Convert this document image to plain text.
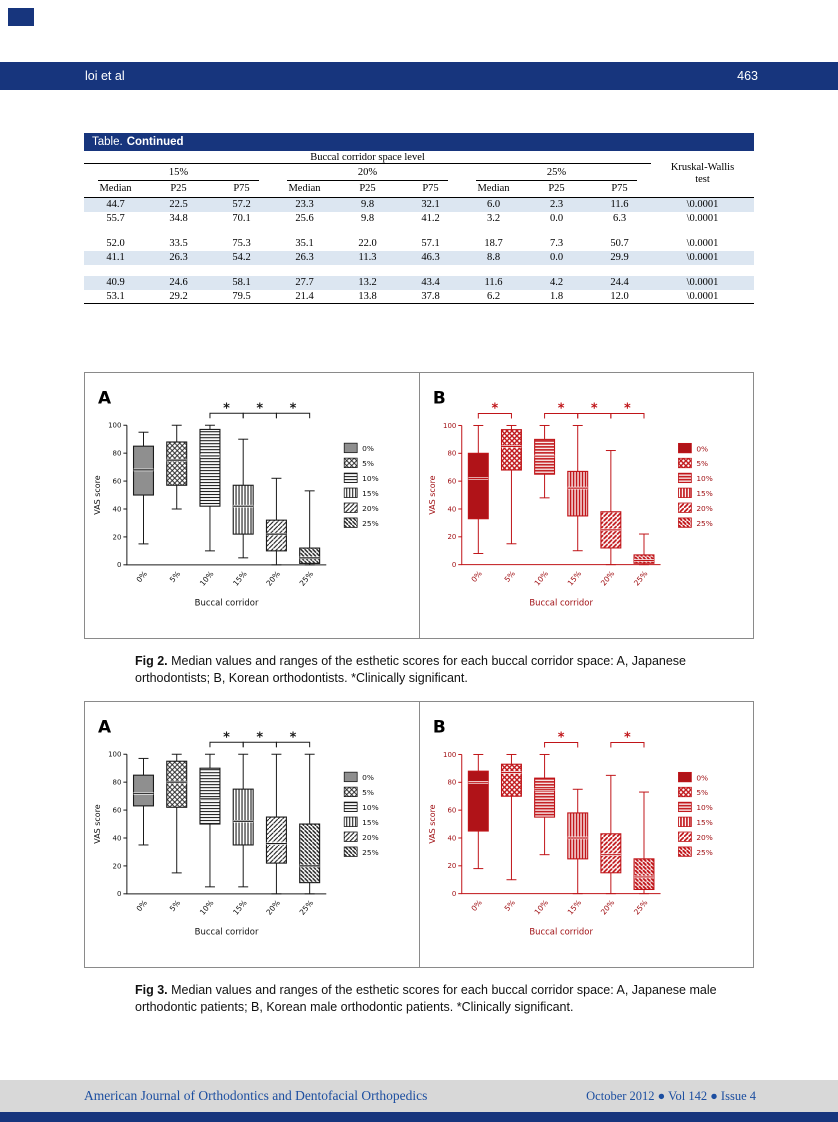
loi et al	463
Table. Continued
Buccal corridor space level									Kruskal-Wallis
test
15%			20%			25%			
Median	P25	P75	Median	P25	P75	Median	P25	P75	
44.7	22.5	57.2	23.3	9.8	32.1	6.0	2.3	11.6	\0.0001
55.7	34.8	70.1	25.6	9.8	41.2	3.2	0.0	6.3	\0.0001

52.0	33.5	75.3	35.1	22.0	57.1	18.7	7.3	50.7	\0.0001
41.1	26.3	54.2	26.3	11.3	46.3	8.8	0.0	29.9	\0.0001

40.9	24.6	58.1	27.7	13.2	43.4	11.6	4.2	24.4	\0.0001
53.1	29.2	79.5	21.4	13.8	37.8	6.2	1.8	12.0	\0.0001
A
0
20
40
60
80
100
VAS score
0% 5% 10% 15% 20% 25%
Buccal corridor
* * *
0%
5%
10%
15%
20%
25%
B
0
20
40
60
80
100
VAS score
0% 5% 10% 15% 20% 25%
Buccal corridor
*	* * *
0%
5%
10%
15%
20%
25%

Fig 2. Median values and ranges of the esthetic scores for each buccal corridor space: A, Japanese orthodontists; B, Korean orthodontists. *Clinically significant.

A
0
20
40
60
80
100
VAS score
0% 5% 10% 15% 20% 25%
Buccal corridor
* * *
0%
5%
10%
15%
20%
25%
B
0
20
40
60
80
100
VAS score
0% 5% 10% 15% 20% 25%
Buccal corridor
*	*
0%
5%
10%
15%
20%
25%

Fig 3. Median values and ranges of the esthetic scores for each buccal corridor space: A, Japanese male orthodontic patients; B, Korean male orthodontic patients. *Clinically significant.

American Journal of Orthodontics and Dentofacial Orthopedics	October 2012 ● Vol 142 ● Issue 4
